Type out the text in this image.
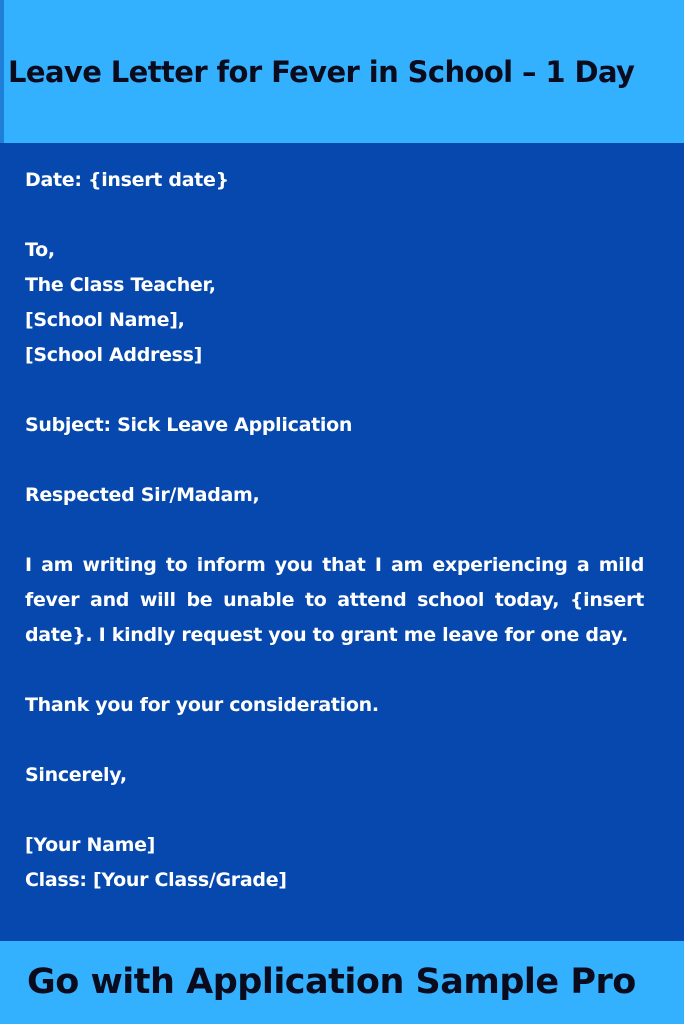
Leave Letter for Fever in School – 1 Day
Date: {insert date}
To,
The Class Teacher,
[School Name],
[School Address]
Subject: Sick Leave Application
Respected Sir/Madam,
I am writing to inform you that I am experiencing a mild fever and will be unable to attend school today, {insert date}. I kindly request you to grant me leave for one day.
Thank you for your consideration.
Sincerely,
[Your Name]
Class: [Your Class/Grade]
Go with Application Sample Pro
